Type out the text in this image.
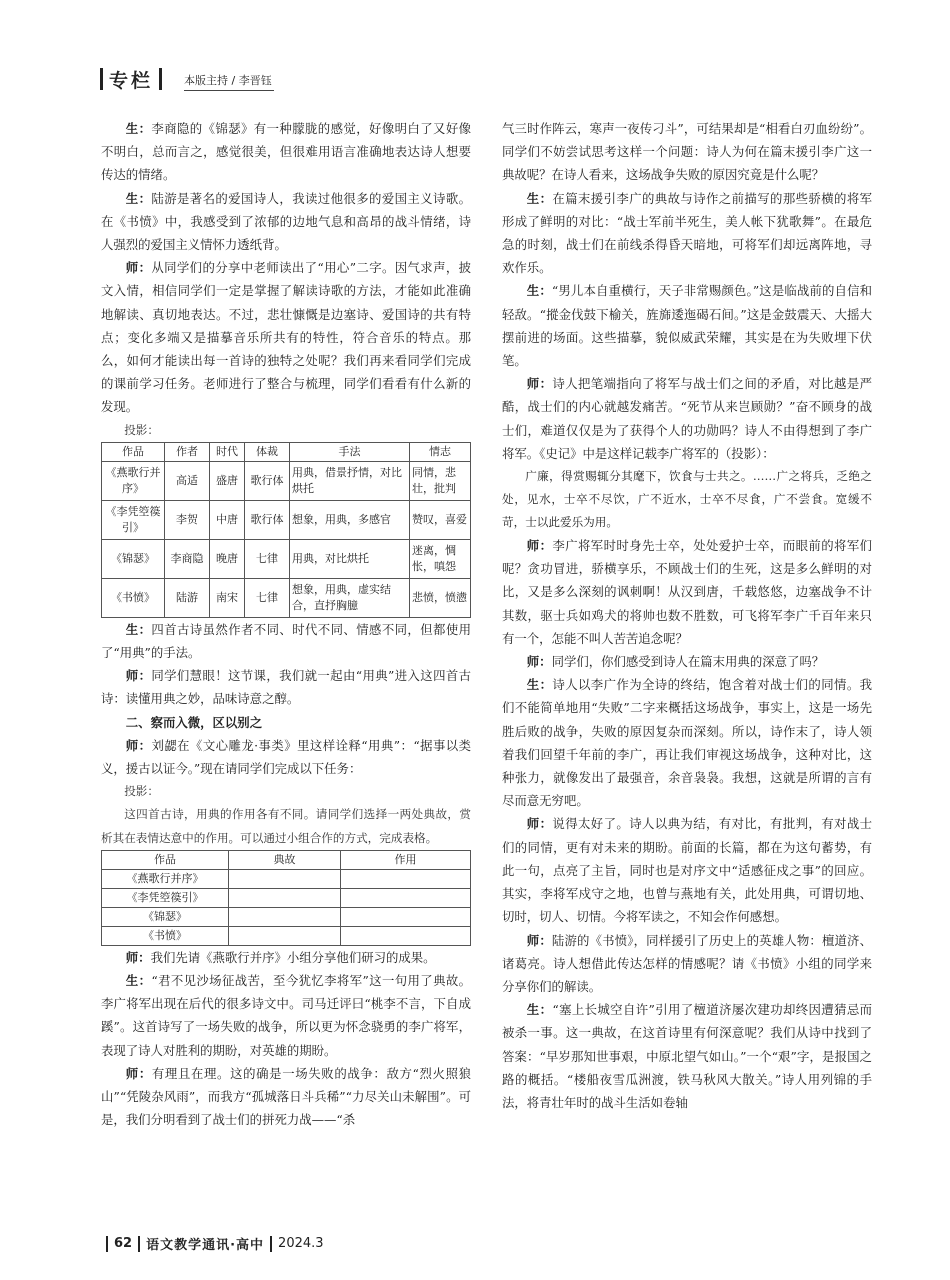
专栏	本版主持 / 李晋钰

生：李商隐的《锦瑟》有一种朦胧的感觉，好像明白了又好像不明白，总而言之，感觉很美，但很难用语言准确地表达诗人想要传达的情绪。

生：陆游是著名的爱国诗人，我读过他很多的爱国主义诗歌。在《书愤》中，我感受到了浓郁的边地气息和高昂的战斗情绪，诗人强烈的爱国主义情怀力透纸背。

师：从同学们的分享中老师读出了“用心”二字。因气求声，披文入情，相信同学们一定是掌握了解读诗歌的方法，才能如此准确地解读、真切地表达。不过，悲壮慷慨是边塞诗、爱国诗的共有特点；变化多端又是描摹音乐所共有的特性，符合音乐的特点。那么，如何才能读出每一首诗的独特之处呢？我们再来看同学们完成的课前学习任务。老师进行了整合与梳理，同学们看看有什么新的发现。

投影：

作品	作者	时代	体裁	手法	情志
《燕歌行并序》	高适	盛唐	歌行体	用典，借景抒情，对比烘托	同情，悲壮，批判
《李凭箜篌引》	李贺	中唐	歌行体	想象，用典，多感官	赞叹，喜爱
《锦瑟》	李商隐	晚唐	七律	用典，对比烘托	迷离，惆怅，嗔怨
《书愤》	陆游	南宋	七律	想象，用典，虚实结合，直抒胸臆	悲愤，愤懑

生：四首古诗虽然作者不同、时代不同、情感不同，但都使用了“用典”的手法。

师：同学们慧眼！这节课，我们就一起由“用典”进入这四首古诗：读懂用典之妙，品味诗意之醇。

二、察而入微，区以别之

师：刘勰在《文心雕龙·事类》里这样诠释“用典”：“据事以类义，援古以证今。”现在请同学们完成以下任务：

投影：

这四首古诗，用典的作用各有不同。请同学们选择一两处典故，赏析其在表情达意中的作用。可以通过小组合作的方式，完成表格。

作品	典故	作用
《燕歌行并序》		
《李凭箜篌引》		
《锦瑟》		
《书愤》		

师：我们先请《燕歌行并序》小组分享他们研习的成果。

生：“君不见沙场征战苦，至今犹忆李将军”这一句用了典故。李广将军出现在后代的很多诗文中。司马迁评曰“桃李不言，下自成蹊”。这首诗写了一场失败的战争，所以更为怀念骁勇的李广将军，表现了诗人对胜利的期盼，对英雄的期盼。

师：有理且在理。这的确是一场失败的战争：敌方“烈火照狼山”“凭陵杂风雨”，而我方“孤城落日斗兵稀”“力尽关山未解围”。可是，我们分明看到了战士们的拼死力战——“杀

气三时作阵云，寒声一夜传刁斗”，可结果却是“相看白刃血纷纷”。同学们不妨尝试思考这样一个问题：诗人为何在篇末援引李广这一典故呢？在诗人看来，这场战争失败的原因究竟是什么呢？

生：在篇末援引李广的典故与诗作之前描写的那些骄横的将军形成了鲜明的对比：“战士军前半死生，美人帐下犹歌舞”。在最危急的时刻，战士们在前线杀得昏天暗地，可将军们却远离阵地，寻欢作乐。

生：“男儿本自重横行，天子非常赐颜色。”这是临战前的自信和轻敌。“摐金伐鼓下榆关，旌旆逶迤碣石间。”这是金鼓震天、大摇大摆前进的场面。这些描摹，貌似威武荣耀，其实是在为失败埋下伏笔。

师：诗人把笔端指向了将军与战士们之间的矛盾，对比越是严酷，战士们的内心就越发痛苦。“死节从来岂顾勋？”奋不顾身的战士们，难道仅仅是为了获得个人的功勋吗？诗人不由得想到了李广将军。《史记》中是这样记载李广将军的（投影）：

广廉，得赏赐辄分其麾下，饮食与士共之。……广之将兵，乏绝之处，见水，士卒不尽饮，广不近水，士卒不尽食，广不尝食。宽缓不苛，士以此爱乐为用。

师：李广将军时时身先士卒，处处爱护士卒，而眼前的将军们呢？贪功冒进，骄横享乐，不顾战士们的生死，这是多么鲜明的对比，又是多么深刻的讽刺啊！从汉到唐，千载悠悠，边塞战争不计其数，驱士兵如鸡犬的将帅也数不胜数，可飞将军李广千百年来只有一个，怎能不叫人苦苦追念呢？

师：同学们，你们感受到诗人在篇末用典的深意了吗？

生：诗人以李广作为全诗的终结，饱含着对战士们的同情。我们不能简单地用“失败”二字来概括这场战争，事实上，这是一场先胜后败的战争，失败的原因复杂而深刻。所以，诗作末了，诗人领着我们回望千年前的李广，再让我们审视这场战争，这种对比，这种张力，就像发出了最强音，余音袅袅。我想，这就是所谓的言有尽而意无穷吧。

师：说得太好了。诗人以典为结，有对比，有批判，有对战士们的同情，更有对未来的期盼。前面的长篇，都在为这句蓄势，有此一句，点亮了主旨，同时也是对序文中“适感征戍之事”的回应。其实，李将军戍守之地，也曾与燕地有关，此处用典，可谓切地、切时，切人、切情。今将军读之，不知会作何感想。

师：陆游的《书愤》，同样援引了历史上的英雄人物：檀道济、诸葛亮。诗人想借此传达怎样的情感呢？请《书愤》小组的同学来分享你们的解读。

生：“塞上长城空自许”引用了檀道济屡次建功却终因遭猜忌而被杀一事。这一典故，在这首诗里有何深意呢？我们从诗中找到了答案：“早岁那知世事艰，中原北望气如山。”一个“艰”字，是报国之路的概括。“楼船夜雪瓜洲渡，铁马秋风大散关。”诗人用列锦的手法，将青壮年时的战斗生活如卷轴

62 语文教学通讯·高中 2024.3
